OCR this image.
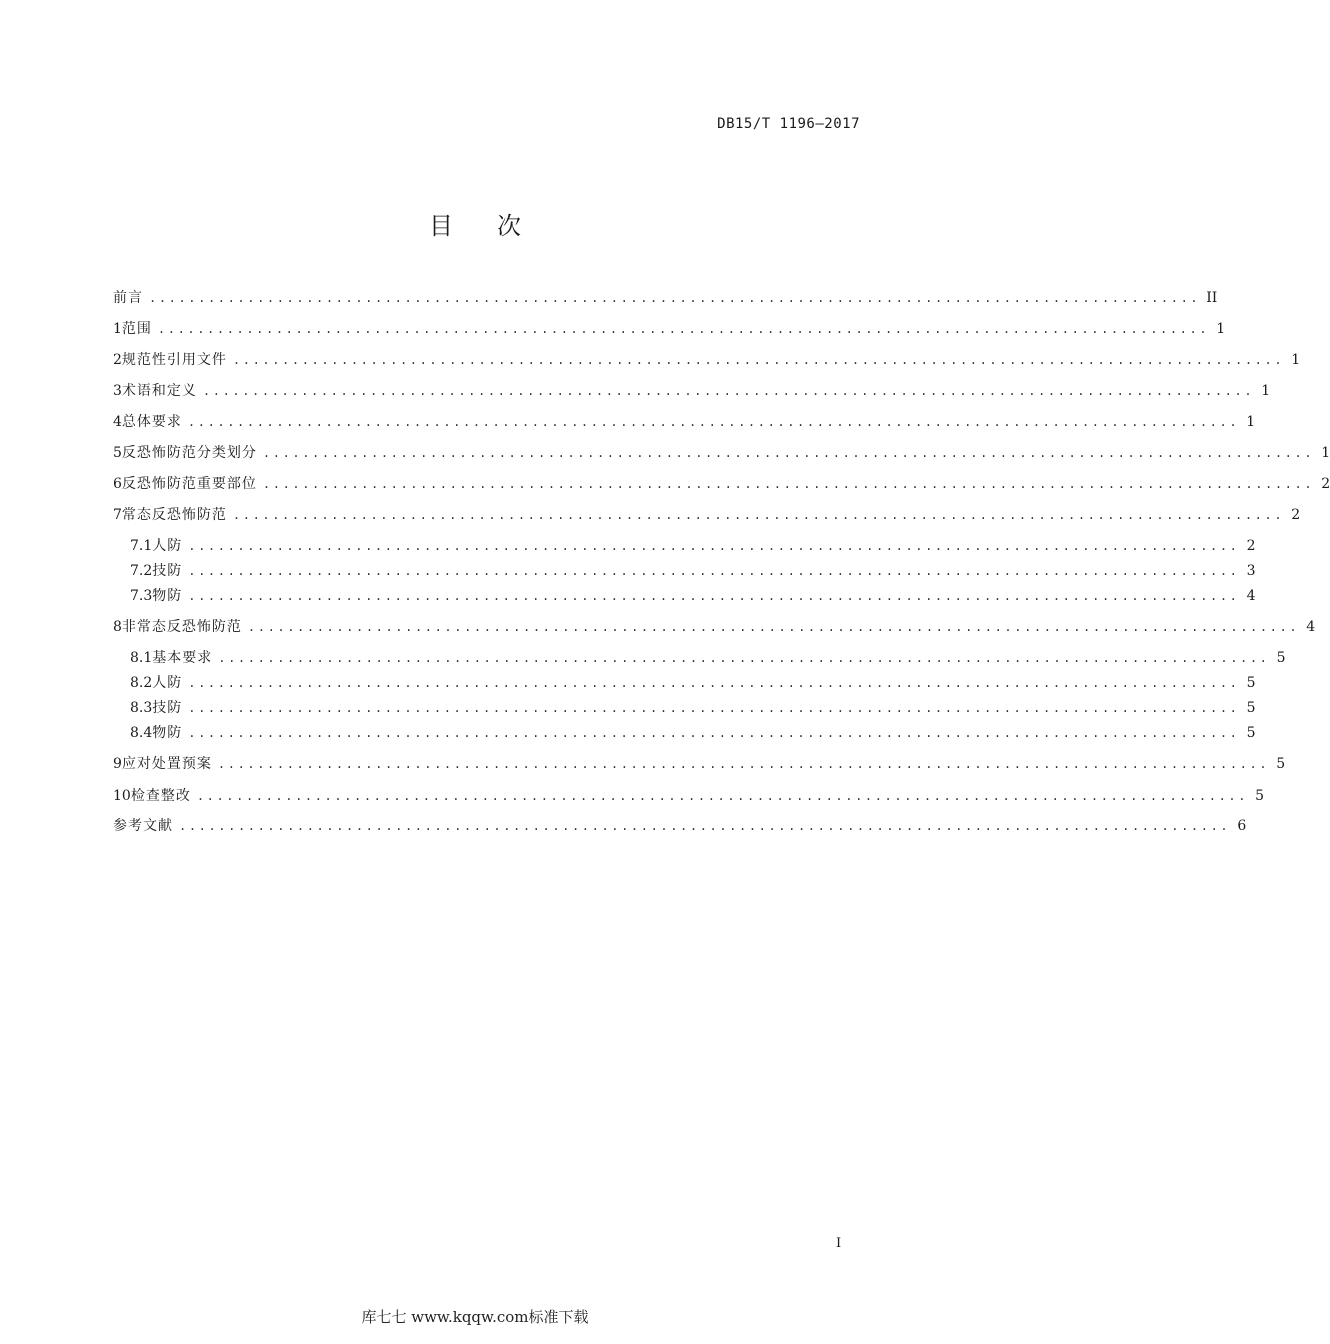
DB15/T 1196—2017
目 次
前言 ........................................................................................................... II
1 范围 ........................................................................................................... 1
2 规范性引用文件 ........................................................................................................... 1
3 术语和定义 ........................................................................................................... 1
4 总体要求 ........................................................................................................... 1
5 反恐怖防范分类划分 ........................................................................................................... 1
6 反恐怖防范重要部位 ........................................................................................................... 2
7 常态反恐怖防范 ........................................................................................................... 2
7.1 人防 ........................................................................................................... 2
7.2 技防 ........................................................................................................... 3
7.3 物防 ........................................................................................................... 4
8 非常态反恐怖防范 ........................................................................................................... 4
8.1 基本要求 ........................................................................................................... 5
8.2 人防 ........................................................................................................... 5
8.3 技防 ........................................................................................................... 5
8.4 物防 ........................................................................................................... 5
9 应对处置预案 ........................................................................................................... 5
10 检查整改 ........................................................................................................... 5
参考文献 ........................................................................................................... 6
I
库七七 www.kqqw.com标准下载
